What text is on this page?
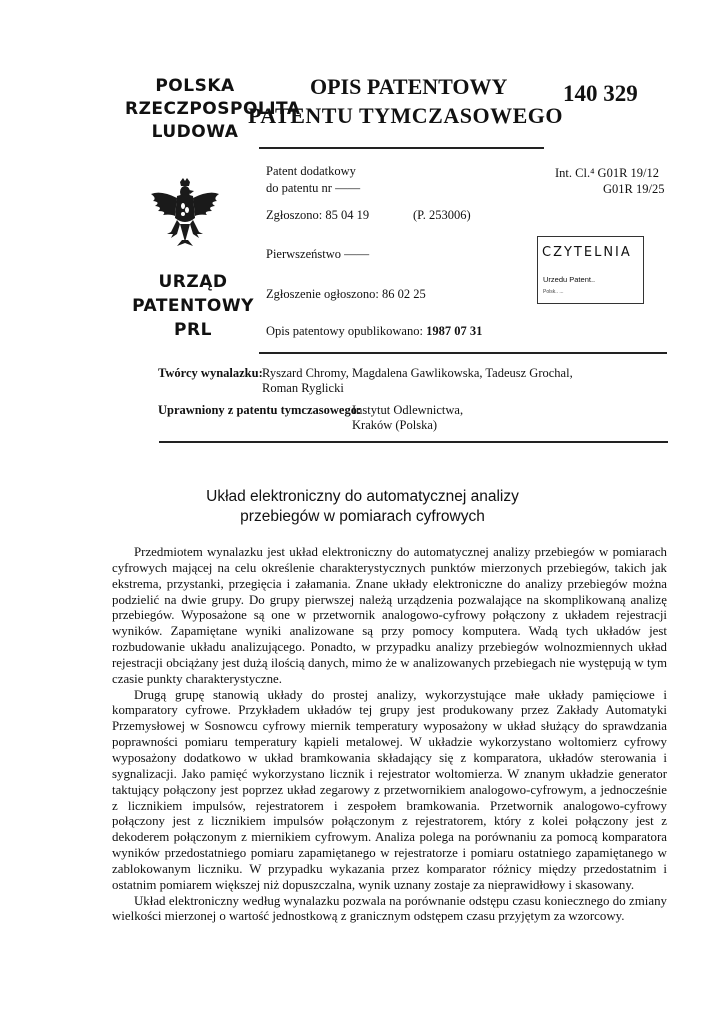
POLSKA
RZECZPOSPOLITA
LUDOWA
OPIS PATENTOWY
PATENTU TYMCZASOWEGO
140 329
Patent dodatkowy
do patentu nr ——
Zgłoszono: 85 04 19	(P. 253006)
Pierwszeństwo ——
Zgłoszenie ogłoszono: 86 02 25
Opis patentowy opublikowano: 1987 07 31
Int. Cl.⁴ G01R 19/12
G01R 19/25
URZĄD
PATENTOWY
PRL
CZYTELNIA
Urzedu Patent..
Polsk.. ...
Twórcy wynalazku: Ryszard Chromy, Magdalena Gawlikowska, Tadeusz Grochal,
Roman Ryglicki
Uprawniony z patentu tymczasowego:
Instytut Odlewnictwa,
Kraków (Polska)
Układ elektroniczny do automatycznej analizy
przebiegów w pomiarach cyfrowych

Przedmiotem wynalazku jest układ elektroniczny do automatycznej analizy przebiegów w pomiarach cyfrowych mającej na celu określenie charakterystycznych punktów mierzonych przebiegów, takich jak ekstrema, przystanki, przegięcia i załamania. Znane układy elektroniczne do analizy przebiegów można podzielić na dwie grupy. Do grupy pierwszej należą urządzenia pozwalające na skomplikowaną analizę przebiegów. Wyposażone są one w przetwornik analogowo-cyfrowy połączony z układem rejestracji wyników. Zapamiętane wyniki analizowane są przy pomocy komputera. Wadą tych układów jest rozbudowanie układu analizującego. Ponadto, w przypadku analizy przebiegów wolnozmiennych układ rejestracji obciążany jest dużą ilością danych, mimo że w analizowanych przebiegach nie występują w tym czasie punkty charakterystyczne.

Drugą grupę stanowią układy do prostej analizy, wykorzystujące małe układy pamięciowe i komparatory cyfrowe. Przykładem układów tej grupy jest produkowany przez Zakłady Automatyki Przemysłowej w Sosnowcu cyfrowy miernik temperatury wyposażony w układ służący do sprawdzania poprawności pomiaru temperatury kąpieli metalowej. W układzie wykorzystano woltomierz cyfrowy wyposażony dodatkowo w układ bramkowania składający się z komparatora, układów sterowania i sygnalizacji. Jako pamięć wykorzystano licznik i rejestrator woltomierza. W znanym układzie generator taktujący połączony jest poprzez układ zegarowy z przetwornikiem analogowo-cyfrowym, a jednocześnie z licznikiem impulsów, rejestratorem i zespołem bramkowania. Przetwornik analogowo-cyfrowy połączony jest z licznikiem impulsów połączonym z rejestratorem, który z kolei połączony jest z dekoderem połączonym z miernikiem cyfrowym. Analiza polega na porównaniu za pomocą komparatora wyników przedostatniego pomiaru zapamiętanego w rejestratorze i pomiaru ostatniego zapamiętanego w zablokowanym liczniku. W przypadku wykazania przez komparator różnicy między przedostatnim i ostatnim pomiarem większej niż dopuszczalna, wynik uznany zostaje za nieprawidłowy i skasowany.

Układ elektroniczny według wynalazku pozwala na porównanie odstępu czasu koniecznego do zmiany wielkości mierzonej o wartość jednostkową z granicznym odstępem czasu przyjętym za wzorcowy.
